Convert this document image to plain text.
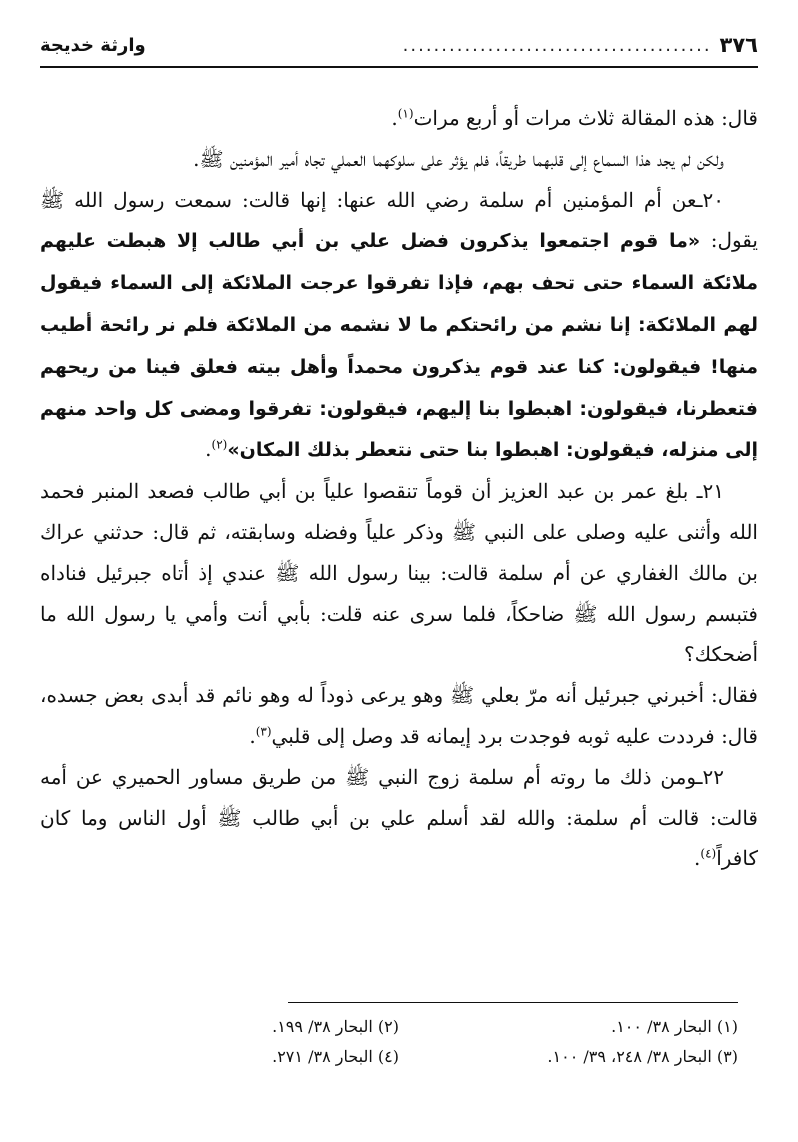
٣٧٦
........................................
وارثة خديجة

قال: هذه المقالة ثلاث مرات أو أربع مرات$^{(١)}$.

ولكن لم يجد هذا السماع إلى قلبهما طريقاً، فلم يؤثر على سلوكهما العملي تجاه أمير المؤمنين ﷺ.

٢٠ـعن أم المؤمنين أم سلمة رضي الله عنها: إنها قالت: سمعت رسول الله ﷺ يقول: «ما قوم اجتمعوا يذكرون فضل علي بن أبي طالب إلا هبطت عليهم ملائكة السماء حتى تحف بهم، فإذا تفرقوا عرجت الملائكة إلى السماء فيقول لهم الملائكة: إنا نشم من رائحتكم ما لا نشمه من الملائكة فلم نر رائحة أطيب منها! فيقولون: كنا عند قوم يذكرون محمداً وأهل بيته فعلق فينا من ريحهم فتعطرنا، فيقولون: اهبطوا بنا إليهم، فيقولون: تفرقوا ومضى كل واحد منهم إلى منزله، فيقولون: اهبطوا بنا حتى نتعطر بذلك المكان»$^{(٢)}$.

٢١ـ بلغ عمر بن عبد العزيز أن قوماً تنقصوا علياً بن أبي طالب فصعد المنبر فحمد الله وأثنى عليه وصلى على النبي ﷺ وذكر علياً وفضله وسابقته، ثم قال: حدثني عراك بن مالك الغفاري عن أم سلمة قالت: بينا رسول الله ﷺ عندي إذ أتاه جبرئيل فناداه فتبسم رسول الله ﷺ ضاحكاً، فلما سرى عنه قلت: بأبي أنت وأمي يا رسول الله ما أضحكك؟

فقال: أخبرني جبرئيل أنه مرّ بعلي ﷺ وهو يرعى ذوداً له وهو نائم قد أبدى بعض جسده، قال: فرددت عليه ثوبه فوجدت برد إيمانه قد وصل إلى قلبي$^{(٣)}$.

٢٢ـومن ذلك ما روته أم سلمة زوج النبي ﷺ من طريق مساور الحميري عن أمه قالت: قالت أم سلمة: والله لقد أسلم علي بن أبي طالب ﷺ أول الناس وما كان كافراً$^{(٤)}$.

(١) البحار ٣٨/ ١٠٠.
(٢) البحار ٣٨/ ١٩٩.
(٣) البحار ٣٨/ ٢٤٨، ٣٩/ ١٠٠.
(٤) البحار ٣٨/ ٢٧١.
